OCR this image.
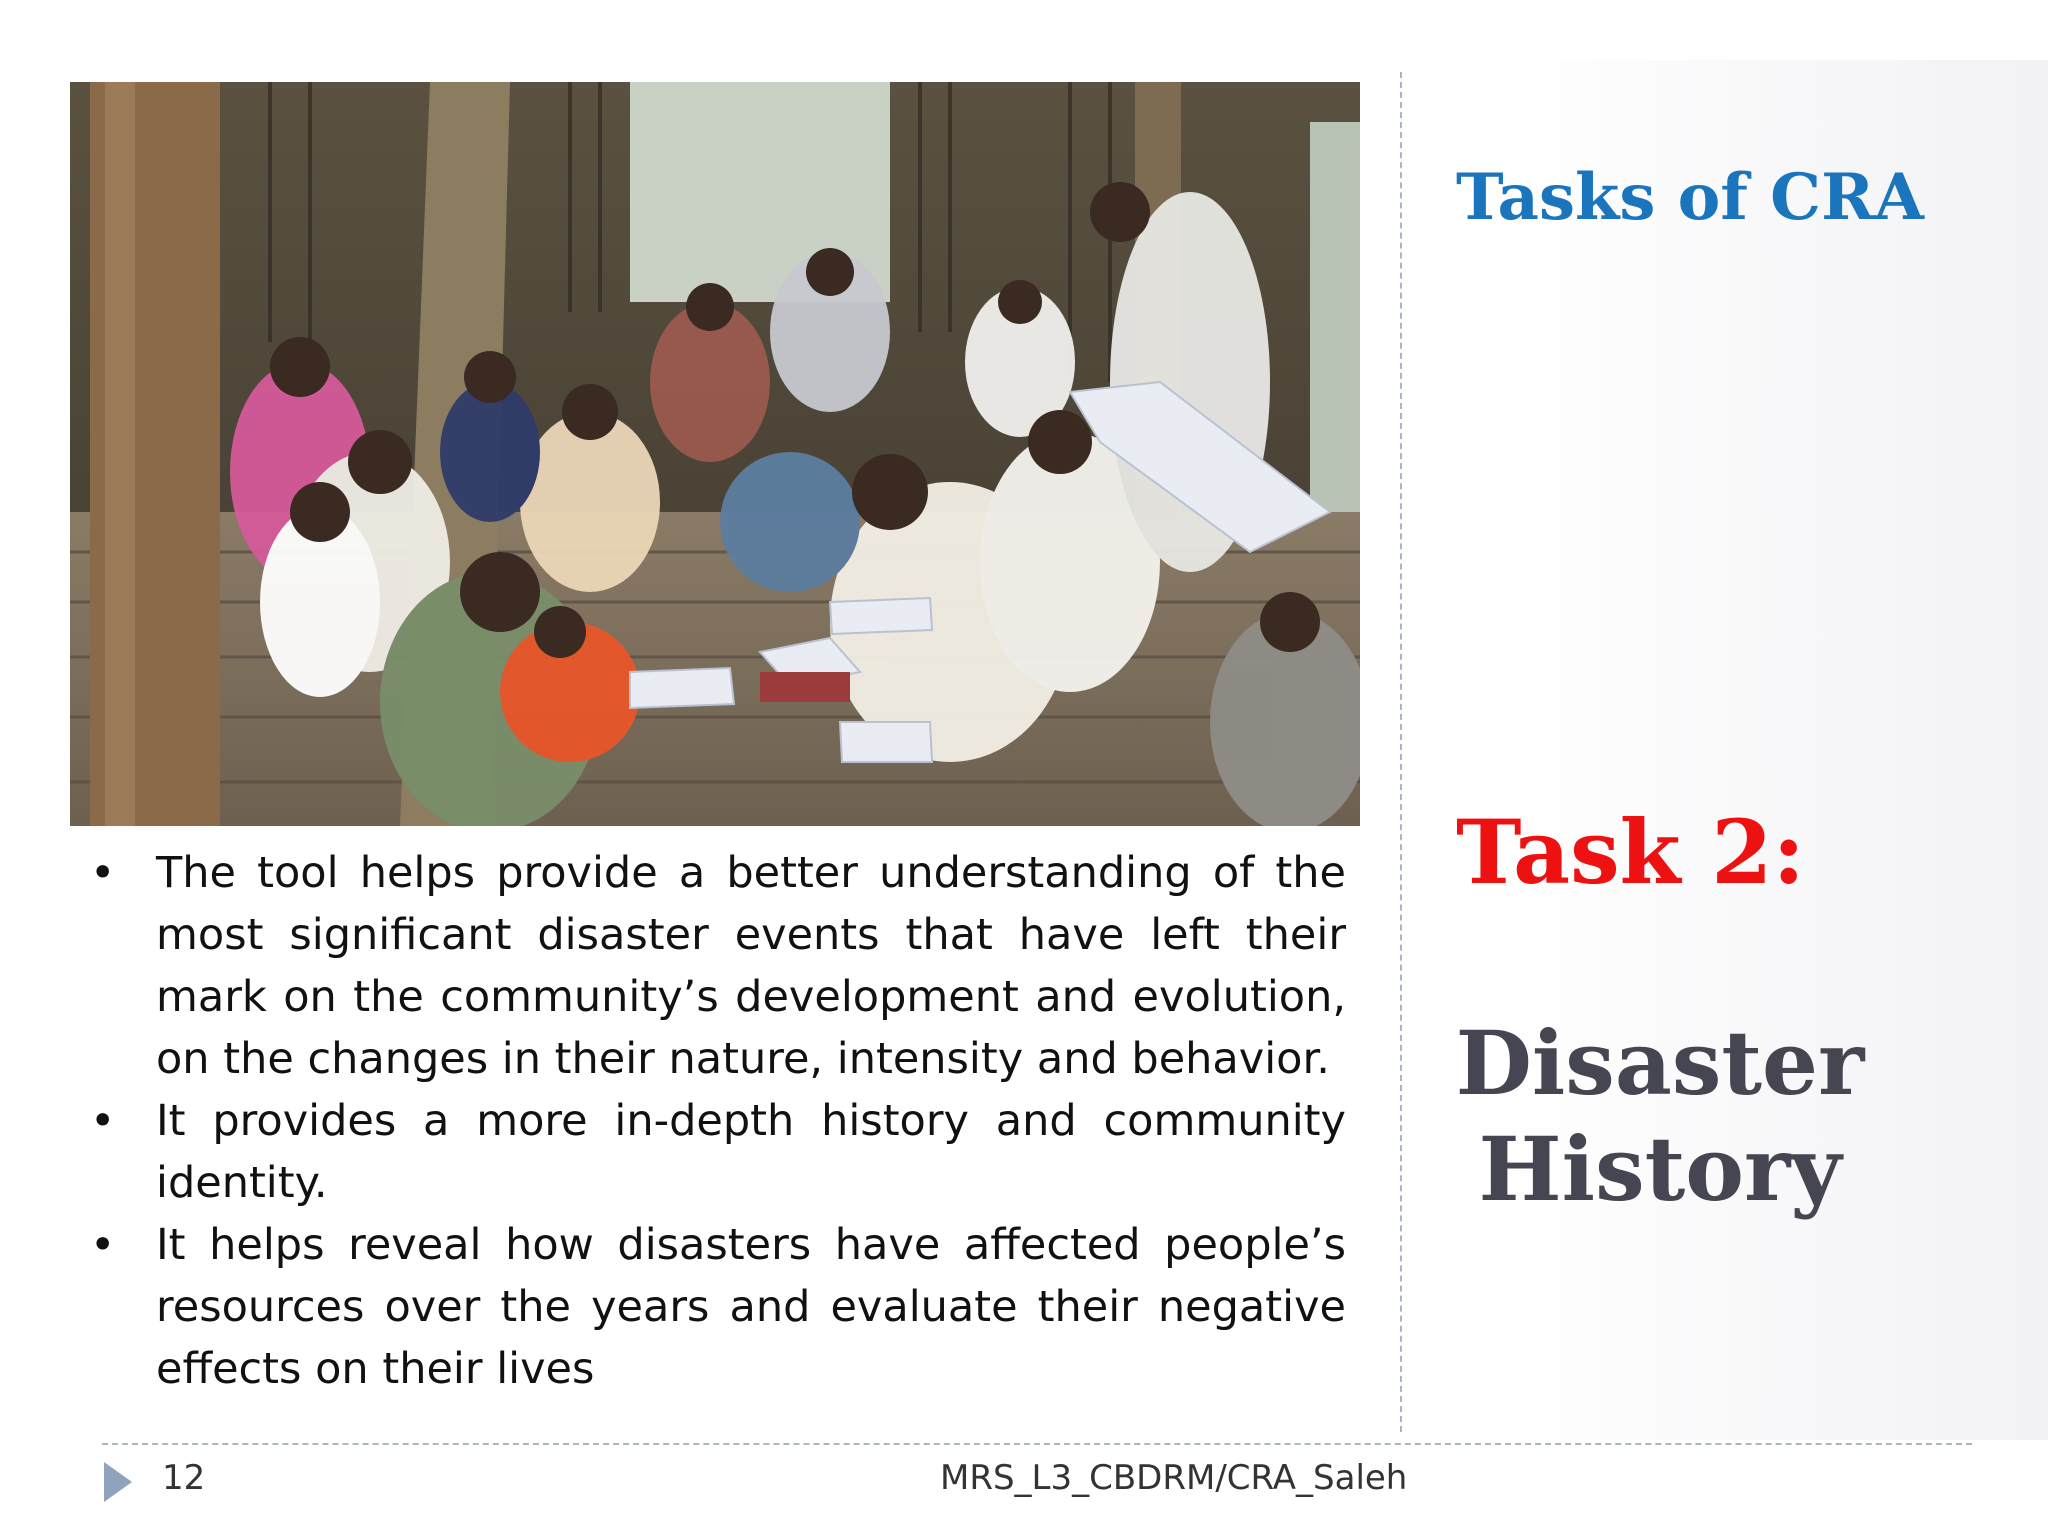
• The tool helps provide a better understanding of the most significant disaster events that have left their mark on the community’s development and evolution, on the changes in their nature, intensity and behavior.
• It provides a more in-depth history and community identity.
• It helps reveal how disasters have affected people’s resources over the years and evaluate their negative effects on their lives
Tasks of CRA
Task 2:
Disaster
History
12	MRS_L3_CBDRM/CRA_Saleh
